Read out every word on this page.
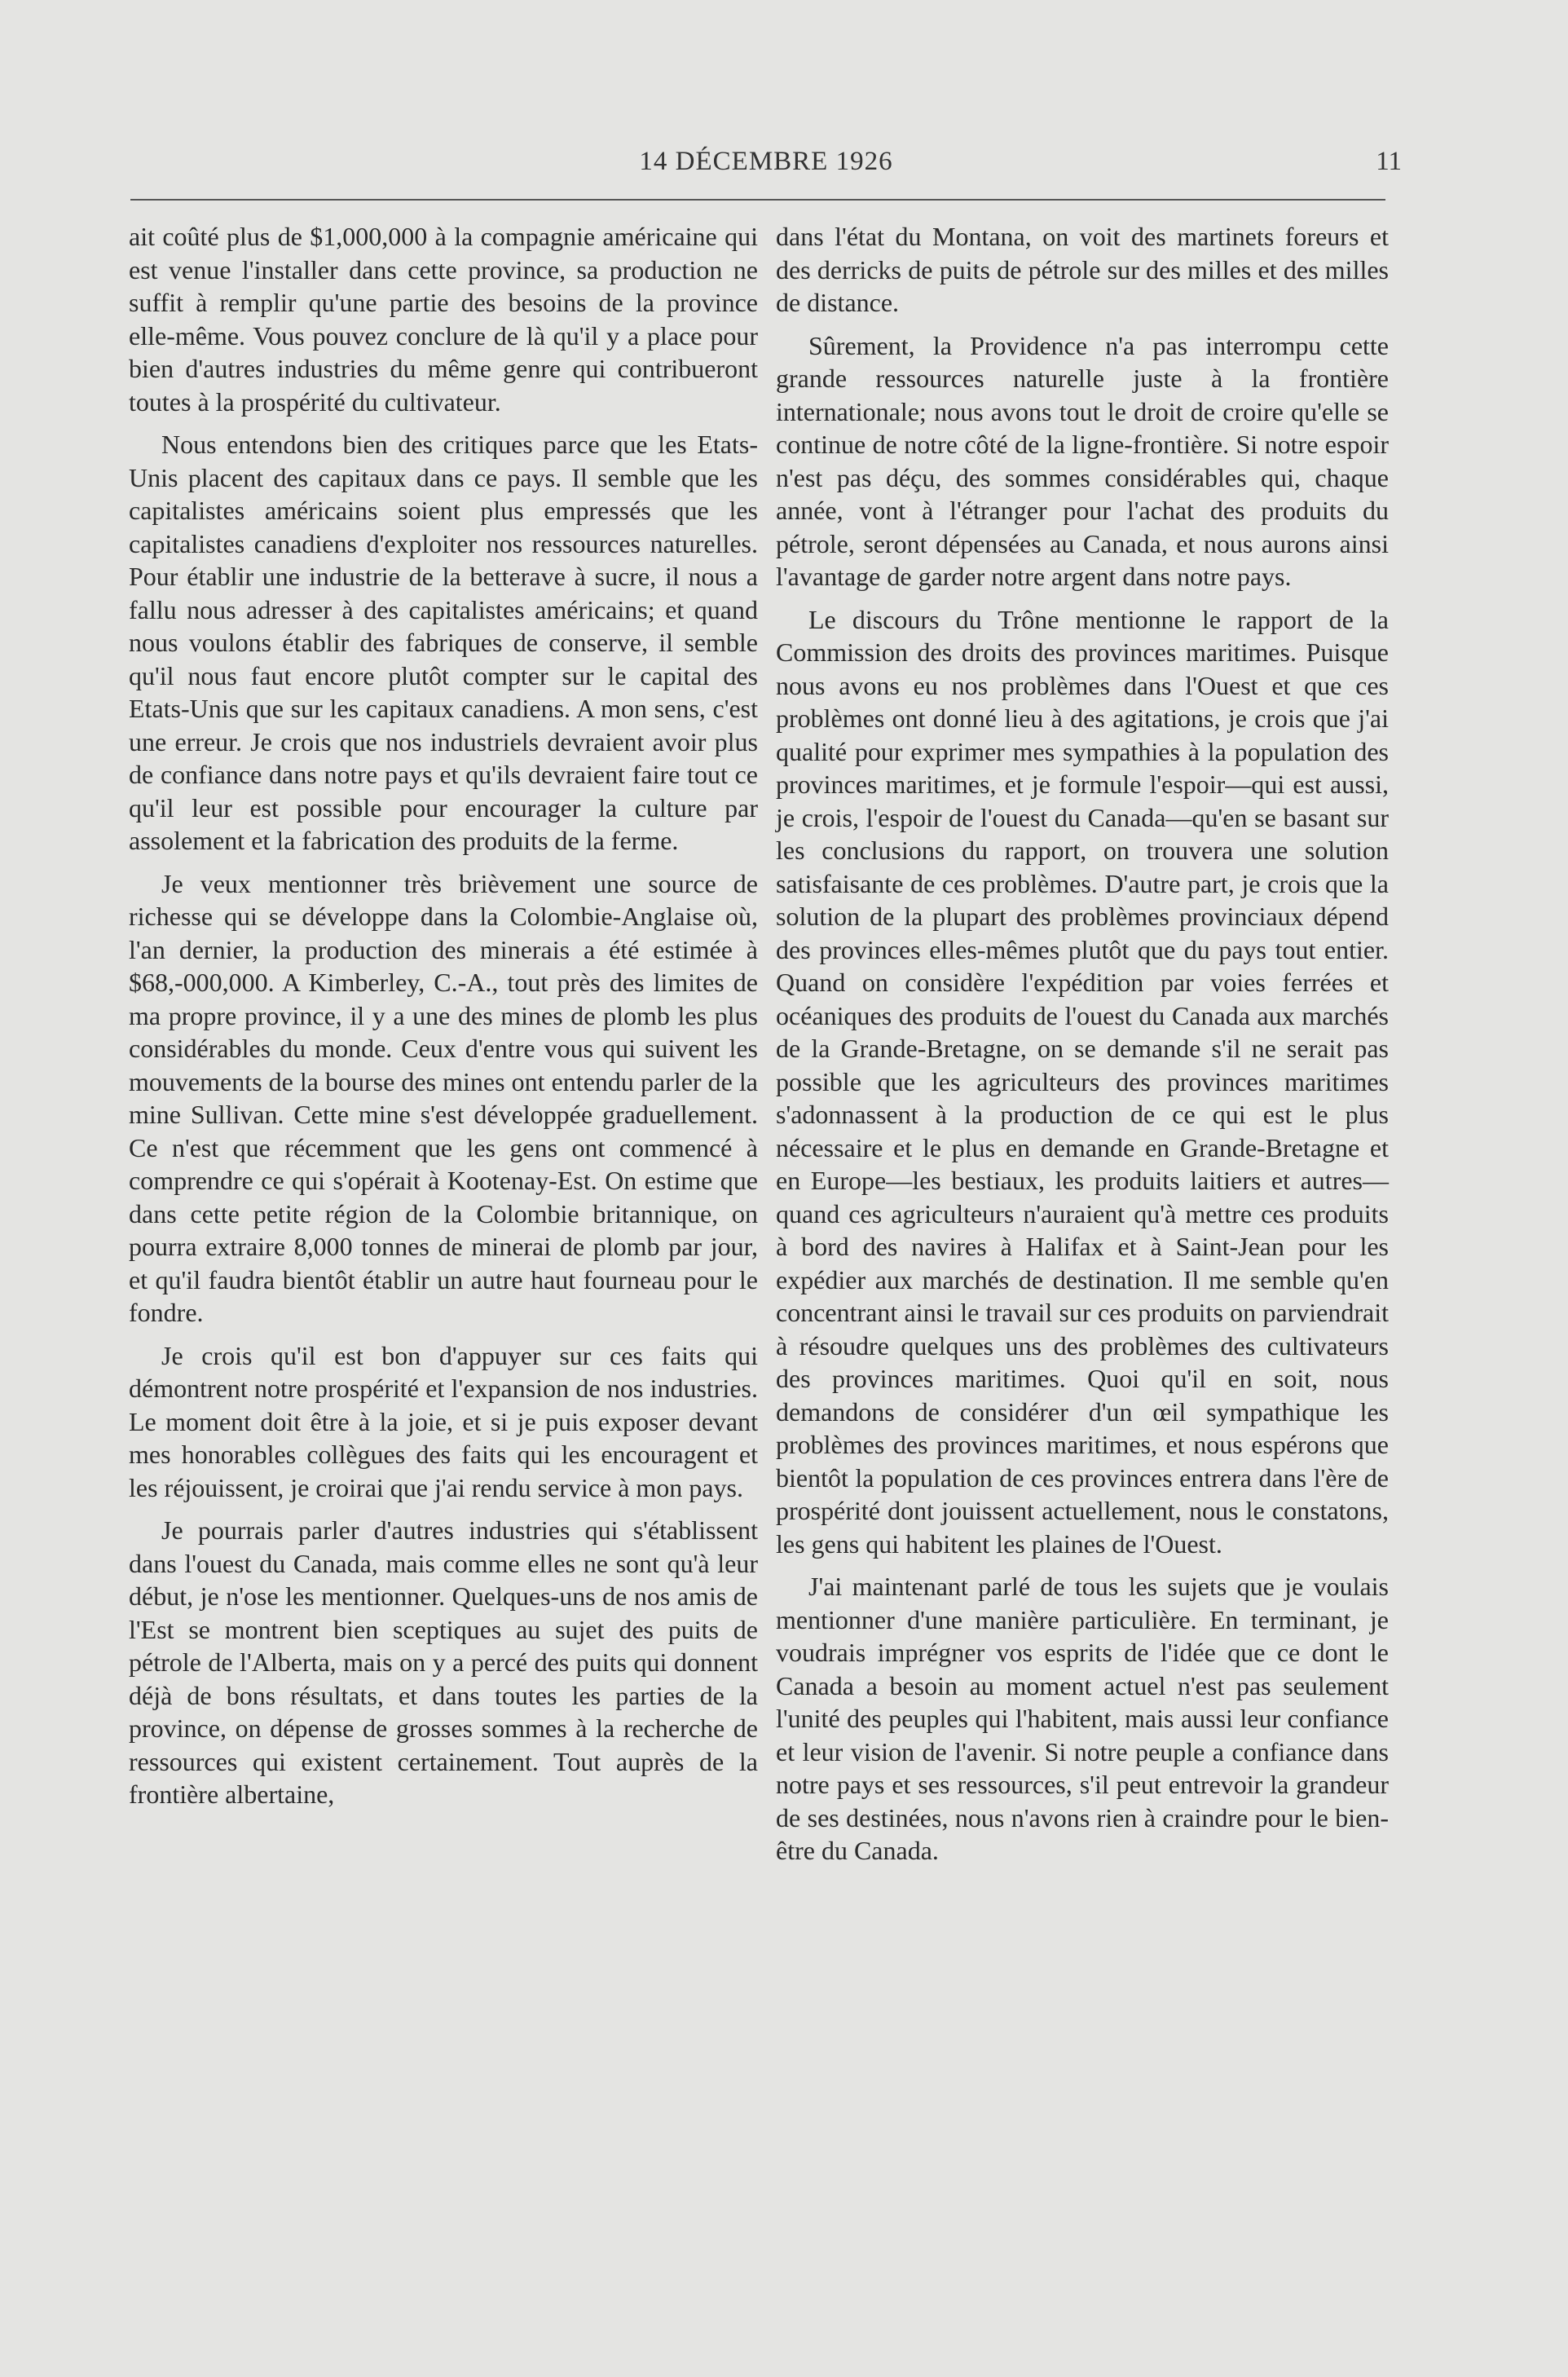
14 DÉCEMBRE 1926	11

ait coûté plus de $1,000,000 à la compagnie américaine qui est venue l'installer dans cette province, sa production ne suffit à remplir qu'une partie des besoins de la province elle-même. Vous pouvez conclure de là qu'il y a place pour bien d'autres industries du même genre qui contribueront toutes à la prospérité du cultivateur.

Nous entendons bien des critiques parce que les Etats-Unis placent des capitaux dans ce pays. Il semble que les capitalistes américains soient plus empressés que les capitalistes canadiens d'exploiter nos ressources naturelles. Pour établir une industrie de la betterave à sucre, il nous a fallu nous adresser à des capitalistes américains; et quand nous voulons établir des fabriques de conserve, il semble qu'il nous faut encore plutôt compter sur le capital des Etats-Unis que sur les capitaux canadiens. A mon sens, c'est une erreur. Je crois que nos industriels devraient avoir plus de confiance dans notre pays et qu'ils devraient faire tout ce qu'il leur est possible pour encourager la culture par assolement et la fabrication des produits de la ferme.

Je veux mentionner très brièvement une source de richesse qui se développe dans la Colombie-Anglaise où, l'an dernier, la production des minerais a été estimée à $68,-000,000. A Kimberley, C.-A., tout près des limites de ma propre province, il y a une des mines de plomb les plus considérables du monde. Ceux d'entre vous qui suivent les mouvements de la bourse des mines ont entendu parler de la mine Sullivan. Cette mine s'est développée graduellement. Ce n'est que récemment que les gens ont commencé à comprendre ce qui s'opérait à Kootenay-Est. On estime que dans cette petite région de la Colombie britannique, on pourra extraire 8,000 tonnes de minerai de plomb par jour, et qu'il faudra bientôt établir un autre haut fourneau pour le fondre.

Je crois qu'il est bon d'appuyer sur ces faits qui démontrent notre prospérité et l'expansion de nos industries. Le moment doit être à la joie, et si je puis exposer devant mes honorables collègues des faits qui les encouragent et les réjouissent, je croirai que j'ai rendu service à mon pays.

Je pourrais parler d'autres industries qui s'établissent dans l'ouest du Canada, mais comme elles ne sont qu'à leur début, je n'ose les mentionner. Quelques-uns de nos amis de l'Est se montrent bien sceptiques au sujet des puits de pétrole de l'Alberta, mais on y a percé des puits qui donnent déjà de bons résultats, et dans toutes les parties de la province, on dépense de grosses sommes à la recherche de ressources qui existent certainement. Tout auprès de la frontière albertaine,

dans l'état du Montana, on voit des martinets foreurs et des derricks de puits de pétrole sur des milles et des milles de distance.

Sûrement, la Providence n'a pas interrompu cette grande ressources naturelle juste à la frontière internationale; nous avons tout le droit de croire qu'elle se continue de notre côté de la ligne-frontière. Si notre espoir n'est pas déçu, des sommes considérables qui, chaque année, vont à l'étranger pour l'achat des produits du pétrole, seront dépensées au Canada, et nous aurons ainsi l'avantage de garder notre argent dans notre pays.

Le discours du Trône mentionne le rapport de la Commission des droits des provinces maritimes. Puisque nous avons eu nos problèmes dans l'Ouest et que ces problèmes ont donné lieu à des agitations, je crois que j'ai qualité pour exprimer mes sympathies à la population des provinces maritimes, et je formule l'espoir—qui est aussi, je crois, l'espoir de l'ouest du Canada—qu'en se basant sur les conclusions du rapport, on trouvera une solution satisfaisante de ces problèmes. D'autre part, je crois que la solution de la plupart des problèmes provinciaux dépend des provinces elles-mêmes plutôt que du pays tout entier. Quand on considère l'expédition par voies ferrées et océaniques des produits de l'ouest du Canada aux marchés de la Grande-Bretagne, on se demande s'il ne serait pas possible que les agriculteurs des provinces maritimes s'adonnassent à la production de ce qui est le plus nécessaire et le plus en demande en Grande-Bretagne et en Europe—les bestiaux, les produits laitiers et autres—quand ces agriculteurs n'auraient qu'à mettre ces produits à bord des navires à Halifax et à Saint-Jean pour les expédier aux marchés de destination. Il me semble qu'en concentrant ainsi le travail sur ces produits on parviendrait à résoudre quelques uns des problèmes des cultivateurs des provinces maritimes. Quoi qu'il en soit, nous demandons de considérer d'un œil sympathique les problèmes des provinces maritimes, et nous espérons que bientôt la population de ces provinces entrera dans l'ère de prospérité dont jouissent actuellement, nous le constatons, les gens qui habitent les plaines de l'Ouest.

J'ai maintenant parlé de tous les sujets que je voulais mentionner d'une manière particulière. En terminant, je voudrais imprégner vos esprits de l'idée que ce dont le Canada a besoin au moment actuel n'est pas seulement l'unité des peuples qui l'habitent, mais aussi leur confiance et leur vision de l'avenir. Si notre peuple a confiance dans notre pays et ses ressources, s'il peut entrevoir la grandeur de ses destinées, nous n'avons rien à craindre pour le bien-être du Canada.
